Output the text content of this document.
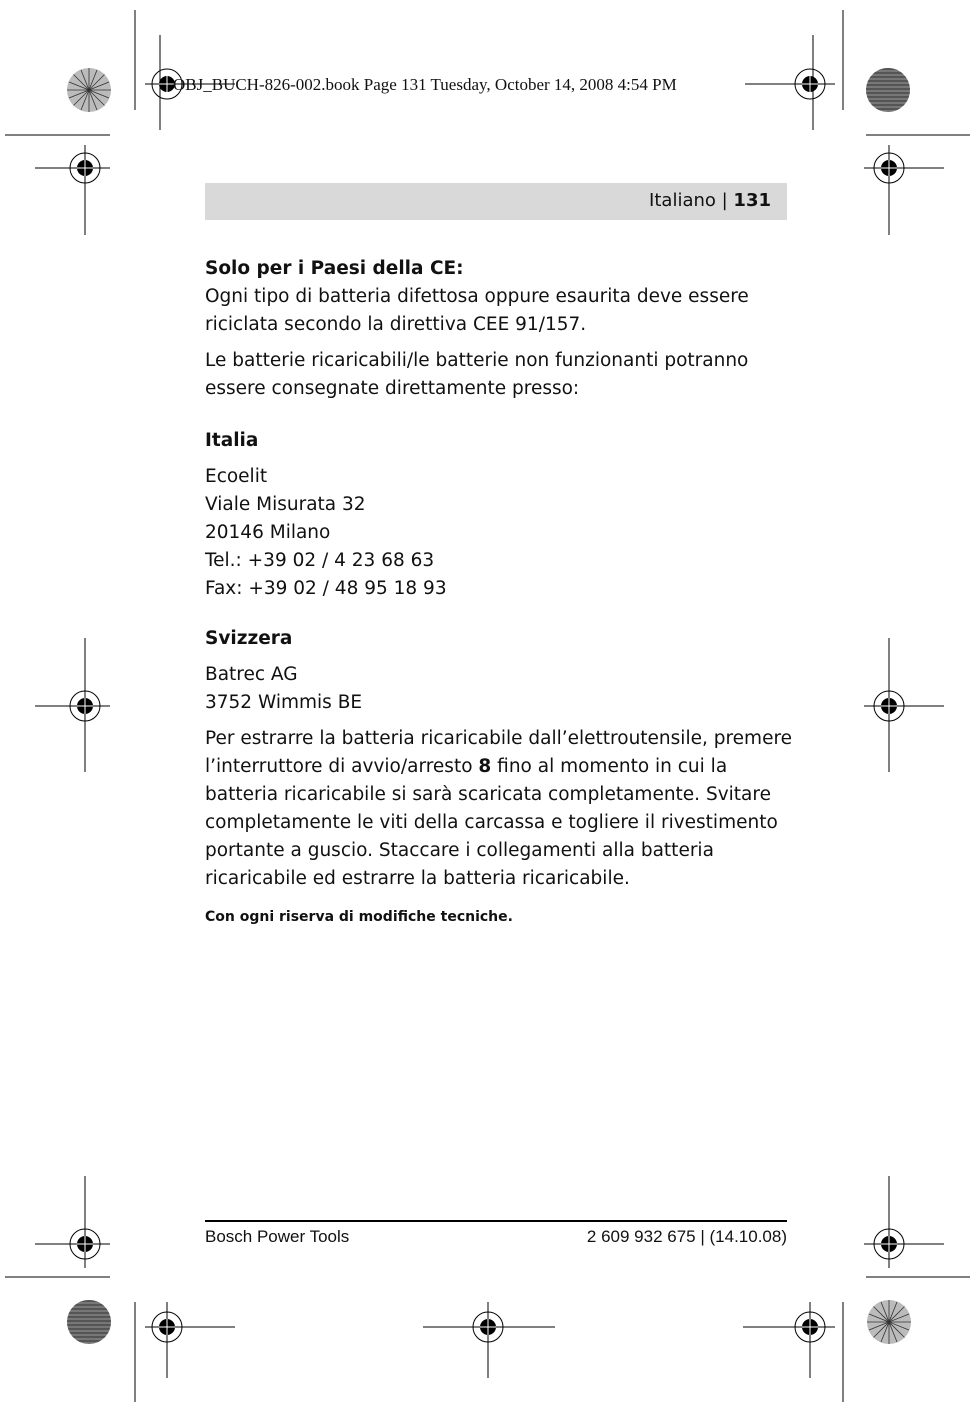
OBJ_BUCH-826-002.book Page 131 Tuesday, October 14, 2008 4:54 PM
Italiano | 131

Solo per i Paesi della CE:

Ogni tipo di batteria difettosa oppure esaurita deve essere riciclata secondo la direttiva CEE 91/157.

Le batterie ricaricabili/le batterie non funzionanti potranno essere consegnate direttamente presso:

Italia

Ecoelit

Viale Misurata 32

20146 Milano

Tel.: +39 02 / 4 23 68 63

Fax: +39 02 / 48 95 18 93

Svizzera

Batrec AG

3752 Wimmis BE

Per estrarre la batteria ricaricabile dall’elettroutensile, premere l’interruttore di avvio/arresto 8 fino al momento in cui la batteria ricaricabile si sarà scaricata completamente. Svitare completamente le viti della carcassa e togliere il rivestimento portante a guscio. Staccare i collegamenti alla batteria ricaricabile ed estrarre la batteria ricaricabile.

Con ogni riserva di modifiche tecniche.

Bosch Power Tools	2 609 932 675 | (14.10.08)
